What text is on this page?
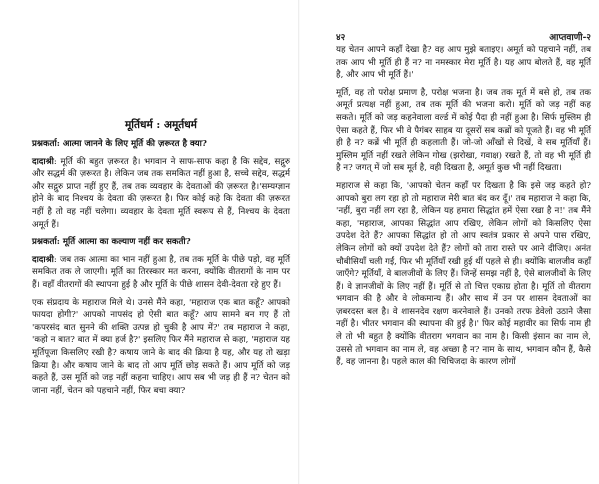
मूर्तिधर्म : अमूर्तधर्म

प्रश्नकर्ता: आत्मा जानने के लिए मूर्ति की ज़रूरत है क्या?

दादाश्री: मूर्ति की बहुत ज़रूरत है। भगवान ने साफ-साफ कहा है कि सद्देव, सद्गुरु और सद्धर्म की ज़रूरत है। लेकिन जब तक समकित नहीं हुआ है, सच्चे सद्देव, सद्धर्म और सद्गुरु प्राप्त नहीं हुए हैं, तब तक व्यवहार के देवताओं की ज़रूरत है।'सम्यग्ज्ञान होने के बाद निश्चय के देवता की ज़रूरत है। फिर कोई कहे कि देवता की ज़रूरत नहीं है तो वह नहीं चलेगा। व्यवहार के देवता मूर्ति स्वरूप से हैं, निश्चय के देवता अमूर्त हैं।

प्रश्नकर्ता: मूर्ति आत्मा का कल्याण नहीं कर सकती?

दादाश्री: जब तक आत्मा का भान नहीं हुआ है, तब तक मूर्ति के पीछे पड़ो, वह मूर्ति समकित तक ले जाएगी। मूर्ति का तिरस्कार मत करना, क्योंकि वीतरागों के नाम पर हैं। वहाँ वीतरागों की स्थापना हुई है और मूर्ति के पीछे शासन देवी-देवता रहे हुए हैं।

एक संप्रदाय के महाराज मिले थे। उनसे मैंने कहा, 'महाराज एक बात कहूँ? आपको फायदा होगी?' आपको नापसंद हो ऐसी बात कहूँ? आप सामने बन गए हैं तो 'कपरसंद बात सुनने की शक्ति उत्पन्न हो चुकी है आप में?' तब महाराज ने कहा, 'कहो न बात? बात में क्या हर्ज है?' इसलिए फिर मैंने महाराज से कहा, 'महाराज यह मूर्तिपूजा किसलिए रखी है? कषाय जाने के बाद की क्रिया है यह, और यह तो खड़ा क्रिया है। और कषाय जाने के बाद तो आप मूर्ति छोड़ सकते हैं। आप मूर्ति को जड़ कहते हैं, उस मूर्ति को जड़ नहीं कहना चाहिए। आप सब भी जड़ ही हैं न? चेतन को जाना नहीं, चेतन को पहचाने नहीं, फिर बचा क्या?

४२	आप्तवाणी-२

यह चेतन आपने कहाँ देखा है? वह आप मुझे बताइए। अमूर्त को पहचाने नहीं, तब तक आप भी मूर्ति ही हैं न? ना नमस्कार मेरा मूर्ति है। यह आप बोलते हैं, वह मूर्ति है, और आप भी मूर्ति हैं।'

मूर्ति, वह तो परोक्ष प्रमाण है, परोक्ष भजना है। जब तक मूर्त में बसे हो, तब तक अमूर्त प्रत्यक्ष नहीं हुआ, तब तक मूर्ति की भजना करो। मूर्ति को जड़ नहीं कह सकते। मूर्ति को जड़ कहनेवाला वर्ल्ड में कोई पैदा ही नहीं हुआ है। सिर्फ मुस्लिम ही ऐसा कहते हैं, फिर भी वे पैगंबर साहब या दूसरों सब कब्रों को पूजते हैं। वह भी मूर्ति ही है न? कब्रें भी मूर्ति ही कहलाती हैं। जो-जो आँखों से दिखें, वे सब मूर्तियाँ हैं। मुस्लिम मूर्ति नहीं रखते लेकिन गोख (झरोखा, गवाक्ष) रखते हैं, तो वह भी मूर्ति ही है न? जगत् में जो सब मूर्त है, वही दिखता है, अमूर्त कुछ भी नहीं दिखता।

महाराज से कहा कि, 'आपको चेतन कहाँ पर दिखता है कि इसे जड़ कहते हो? आपको बुरा लग रहा हो तो महाराज मेरी बात बंद कर दूँ।' तब महाराज ने कहा कि, 'नहीं, बुरा नहीं लग रहा है, लेकिन यह हमारा सिद्धांत हमें ऐसा रखा है न!' तब मैंने कहा, 'महाराज, आपका सिद्धांत आप रखिए, लेकिन लोगों को किसलिए ऐसा उपदेश देते हैं? आपका सिद्धांत हो तो आप स्वतंत्र प्रकार से अपने पास रखिए, लेकिन लोगों को क्यों उपदेश देते हैं? लोगों को तारा रास्ते पर आने दीजिए। अनंत चौबीसियाँ चली गईं, फिर भी मूर्तियाँ रखी हुई थीं पहले से ही। क्योंकि बालजीव कहाँ जाएँगे? मूर्तियाँ, वे बालजीवों के लिए हैं। जिन्हें समझ नहीं है, ऐसे बालजीवों के लिए हैं। वे ज्ञानजीवों के लिए नहीं हैं। मूर्ति से तो चित्त एकाग्र होता है। मूर्ति तो वीतराग भगवान की है और वे लोकमान्य हैं। और साथ में उन पर शासन देवताओं का ज़बरदस्त बल है। वे शासनदेव रक्षण करनेवाले हैं। उनको तरफ डेवेलो उठाने जैसा नहीं है। भीतर भगवान की स्थापना की हुई है।' फिर कोई महावीर का सिर्फ नाम ही ले तो भी बहुत है क्योंकि वीतराग भगवान का नाम है। किसी इंसान का नाम ले, उससे तो भगवान का नाम ले, वह अच्छा है न? नाम के साथ, भगवान कौन हैं, कैसे हैं, वह जानना है। पहले काल की चिचिजदा के कारण लोगों
